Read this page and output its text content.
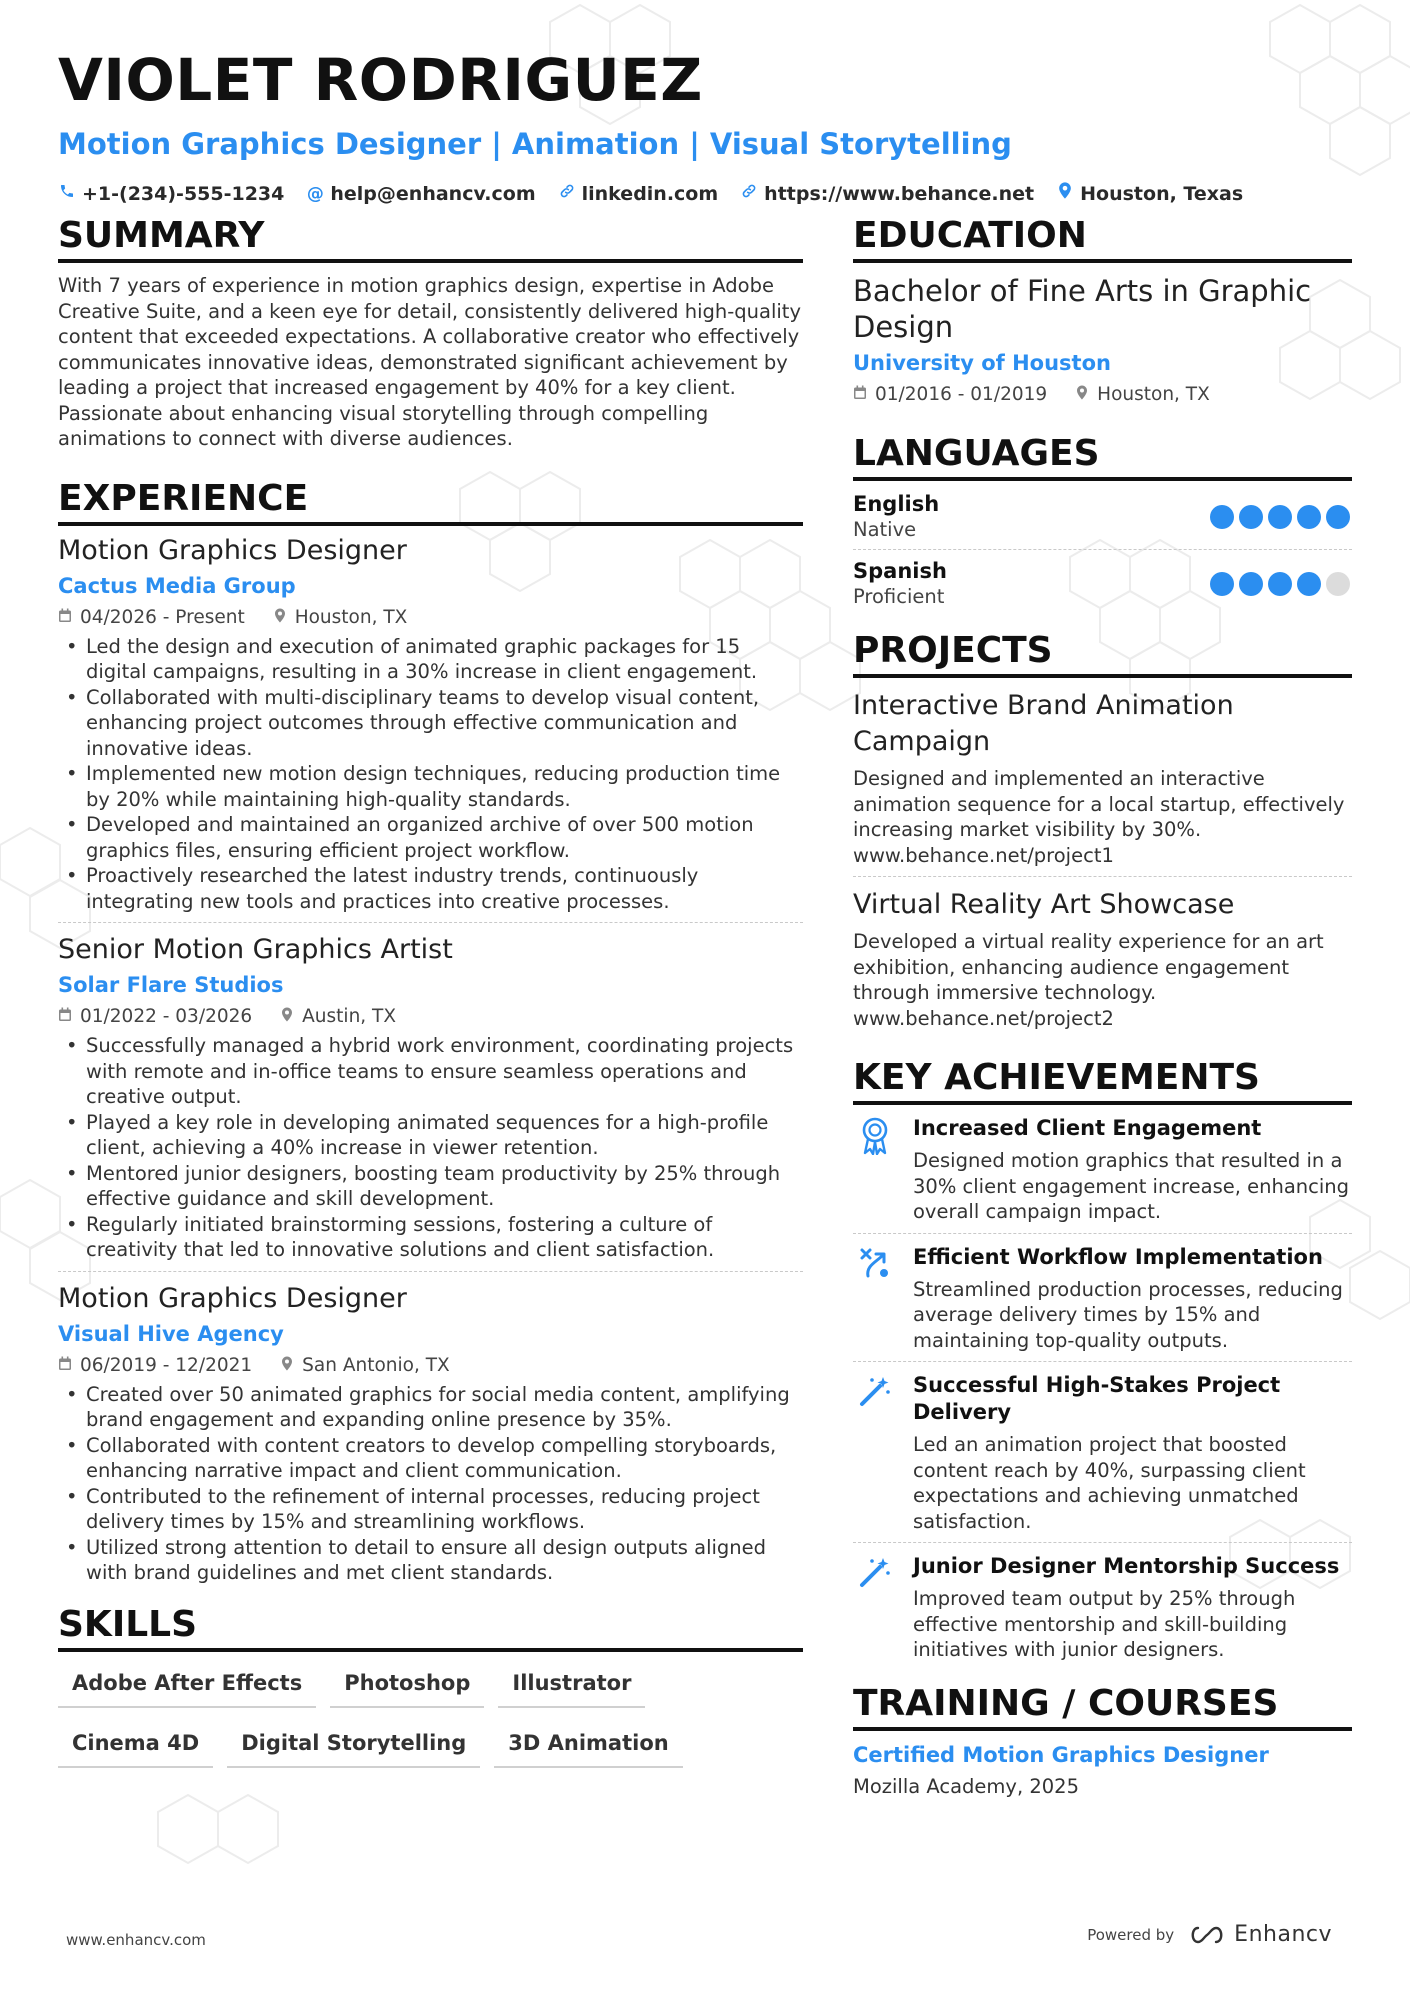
VIOLET RODRIGUEZ
Motion Graphics Designer | Animation | Visual Storytelling
+1-(234)-555-1234 @ help@enhancv.com linkedin.com https://www.behance.net Houston, Texas
SUMMARY
With 7 years of experience in motion graphics design, expertise in Adobe Creative Suite, and a keen eye for detail, consistently delivered high-quality content that exceeded expectations. A collaborative creator who effectively communicates innovative ideas, demonstrated significant achievement by leading a project that increased engagement by 40% for a key client. Passionate about enhancing visual storytelling through compelling animations to connect with diverse audiences.
EXPERIENCE
Motion Graphics Designer
Cactus Media Group
04/2026 - Present	Houston, TX
• Led the design and execution of animated graphic packages for 15 digital campaigns, resulting in a 30% increase in client engagement.
• Collaborated with multi-disciplinary teams to develop visual content, enhancing project outcomes through effective communication and innovative ideas.
• Implemented new motion design techniques, reducing production time by 20% while maintaining high-quality standards.
• Developed and maintained an organized archive of over 500 motion graphics files, ensuring efficient project workflow.
• Proactively researched the latest industry trends, continuously integrating new tools and practices into creative processes.
Senior Motion Graphics Artist
Solar Flare Studios
01/2022 - 03/2026	Austin, TX
• Successfully managed a hybrid work environment, coordinating projects with remote and in-office teams to ensure seamless operations and creative output.
• Played a key role in developing animated sequences for a high-profile client, achieving a 40% increase in viewer retention.
• Mentored junior designers, boosting team productivity by 25% through effective guidance and skill development.
• Regularly initiated brainstorming sessions, fostering a culture of creativity that led to innovative solutions and client satisfaction.
Motion Graphics Designer
Visual Hive Agency
06/2019 - 12/2021	San Antonio, TX
• Created over 50 animated graphics for social media content, amplifying brand engagement and expanding online presence by 35%.
• Collaborated with content creators to develop compelling storyboards, enhancing narrative impact and client communication.
• Contributed to the refinement of internal processes, reducing project delivery times by 15% and streamlining workflows.
• Utilized strong attention to detail to ensure all design outputs aligned with brand guidelines and met client standards.
SKILLS
Adobe After Effects	Photoshop	Illustrator
Cinema 4D	Digital Storytelling	3D Animation
EDUCATION
Bachelor of Fine Arts in Graphic Design
University of Houston
01/2016 - 01/2019	Houston, TX
LANGUAGES
English
Native
Spanish
Proficient
PROJECTS
Interactive Brand Animation Campaign
Designed and implemented an interactive animation sequence for a local startup, effectively increasing market visibility by 30%.
www.behance.net/project1
Virtual Reality Art Showcase
Developed a virtual reality experience for an art exhibition, enhancing audience engagement through immersive technology.
www.behance.net/project2
KEY ACHIEVEMENTS
Increased Client Engagement
Designed motion graphics that resulted in a 30% client engagement increase, enhancing overall campaign impact.
Efficient Workflow Implementation
Streamlined production processes, reducing average delivery times by 15% and maintaining top-quality outputs.
Successful High-Stakes Project Delivery
Led an animation project that boosted content reach by 40%, surpassing client expectations and achieving unmatched satisfaction.
Junior Designer Mentorship Success
Improved team output by 25% through effective mentorship and skill-building initiatives with junior designers.
TRAINING / COURSES
Certified Motion Graphics Designer
Mozilla Academy, 2025
www.enhancv.com	Powered by	Enhancv
